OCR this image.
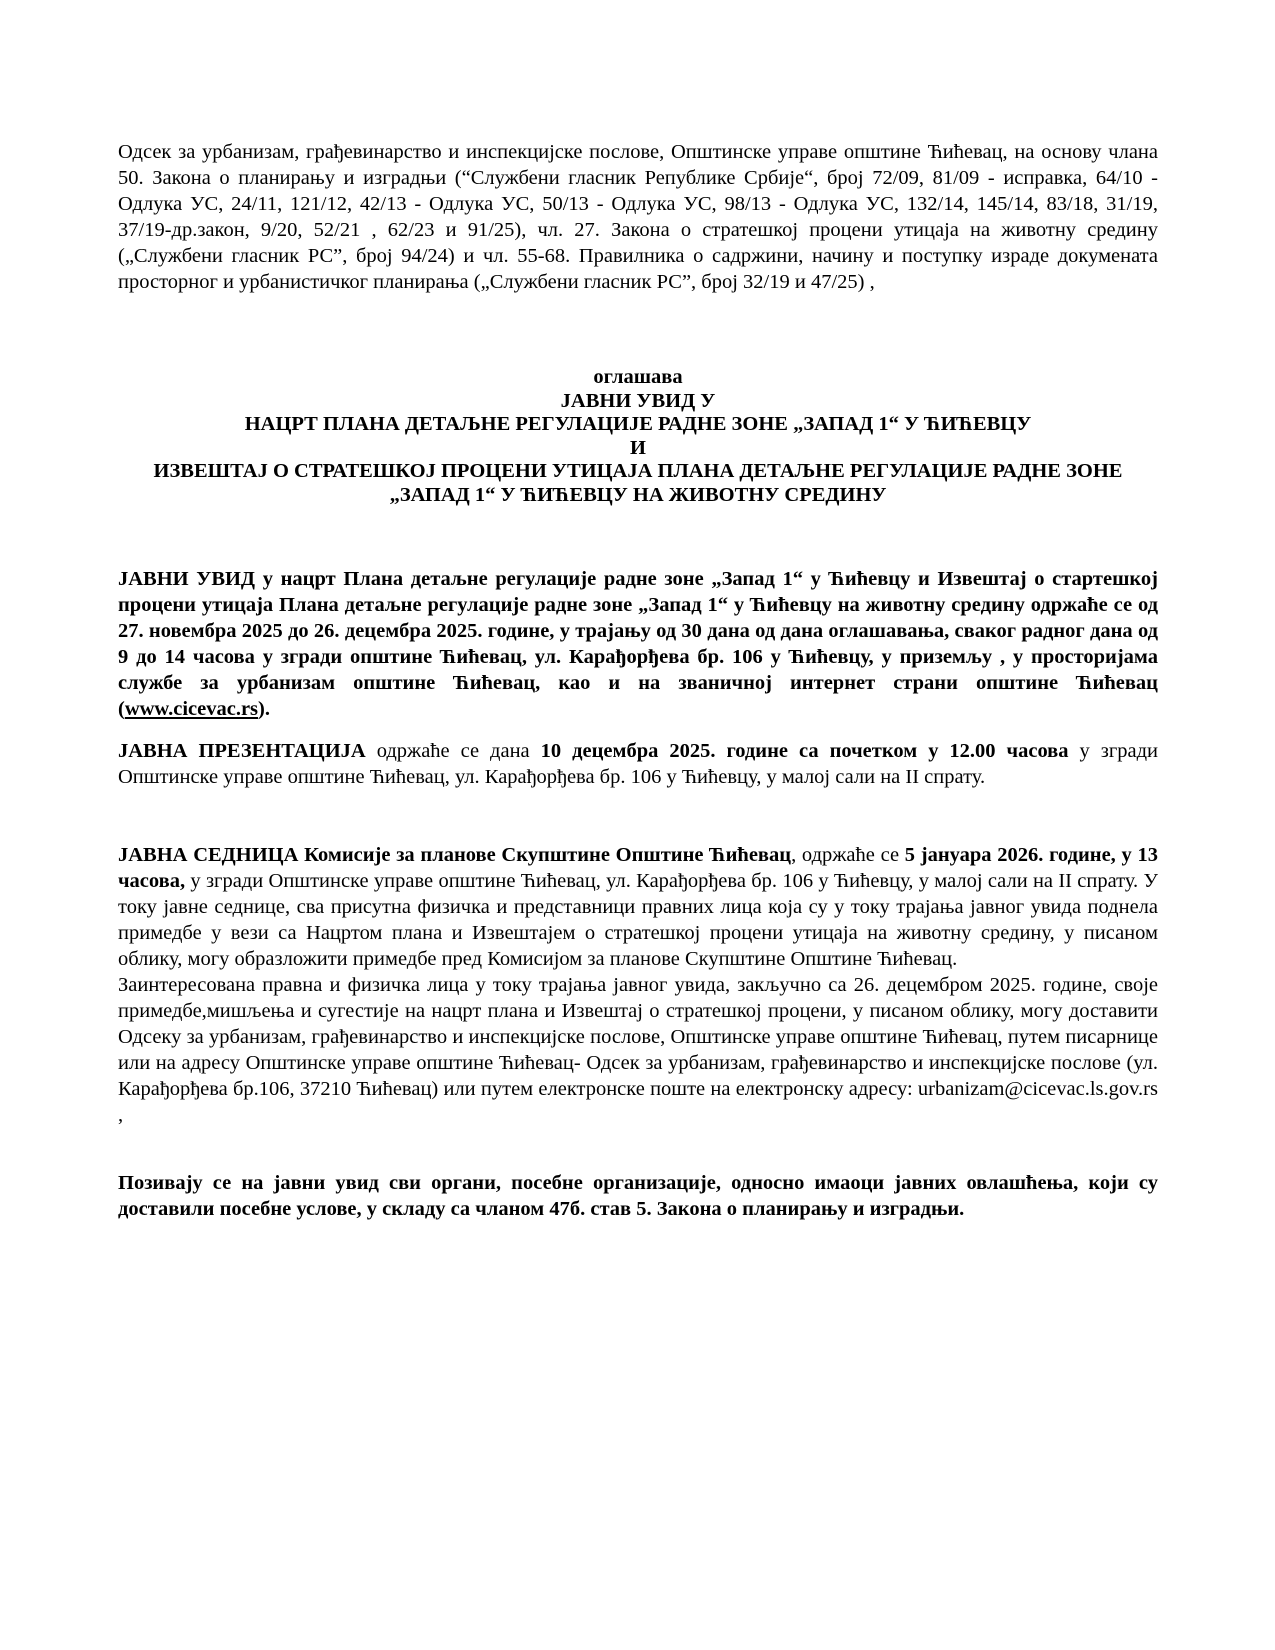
Одсек за урбанизам, грађевинарство и инспекцијске послове, Општинске управе општине Ћићевац, на основу члана 50. Закона о планирању и изградњи (“Службени гласник Републике Србије“, број 72/09, 81/09 - исправка, 64/10 - Одлука УС, 24/11, 121/12, 42/13 - Одлука УС, 50/13 - Одлука УС, 98/13 - Одлука УС, 132/14, 145/14, 83/18, 31/19, 37/19-др.закон, 9/20, 52/21 , 62/23 и 91/25), чл. 27. Закона о стратешкој процени утицаја на животну средину („Службени гласник РС”, број 94/24) и чл. 55-68. Правилника о садржини, начину и поступку израде докумената просторног и урбанистичког планирања („Службени гласник РС”, број 32/19 и 47/25) ,

оглашава
ЈАВНИ УВИД У
НАЦРТ ПЛАНА ДЕТАЉНЕ РЕГУЛАЦИЈЕ РАДНЕ ЗОНЕ „ЗАПАД 1“ У ЋИЋЕВЦУ
И
ИЗВЕШТАЈ О СТРАТЕШКОЈ ПРОЦЕНИ УТИЦАЈА ПЛАНА ДЕТАЉНЕ РЕГУЛАЦИЈЕ РАДНЕ ЗОНЕ „ЗАПАД 1“ У ЋИЋЕВЦУ НА ЖИВОТНУ СРЕДИНУ

ЈАВНИ УВИД у нацрт Плана детаљне регулације радне зоне „Запад 1“ у Ћићевцу и Извештај о стартешкој процени утицаја Плана детаљне регулације радне зоне „Запад 1“ у Ћићевцу на животну средину одржаће се од 27. новембра 2025 до 26. децембра 2025. године, у трајању од 30 дана од дана оглашавања, сваког радног дана од 9 до 14 часова у згради општине Ћићевац, ул. Карађорђева бр. 106 у Ћићевцу, у приземљу , у просторијама службе за урбанизам општине Ћићевац, као и на званичној интернет страни општине Ћићевац (www.cicevac.rs).

ЈАВНА ПРЕЗЕНТАЦИЈА одржаће се дана 10 децембра 2025. године са почетком у 12.00 часова у згради Општинске управе општине Ћићевац, ул. Карађорђева бр. 106 у Ћићевцу, у малој сали на II спрату.

ЈАВНА СЕДНИЦА Комисије за планове Скупштине Општине Ћићевац, одржаће се 5 јануара 2026. године, у 13 часова, у згради Општинске управе општине Ћићевац, ул. Карађорђева бр. 106 у Ћићевцу, у малој сали на II спрату. У току јавне седнице, сва присутна физичка и представници правних лица која су у току трајања јавног увида поднела примедбе у вези са Нацртом плана и Извештајем о стратешкој процени утицаја на животну средину, у писаном облику, могу образложити примедбе пред Комисијом за планове Скупштине Општине Ћићевац.

Заинтересована правна и физичка лица у току трајања јавног увида, закључно са 26. децембром 2025. године, своје примедбе,мишљења и сугестије на нацрт плана и Извештај о стратешкој процени, у писаном облику, могу доставити Одсеку за урбанизам, грађевинарство и инспекцијске послове, Општинске управе општине Ћићевац, путем писарнице или на адресу Општинске управе општине Ћићевац- Одсек за урбанизам, грађевинарство и инспекцијске послове (ул. Карађорђева бр.106, 37210 Ћићевац) или путем електронске поште на електронску адресу: urbanizam@cicevac.ls.gov.rs ,

Позивају се на јавни увид сви органи, посебне организације, односно имаоци јавних овлашћења, који су доставили посебне услове, у складу са чланом 47б. став 5. Закона о планирању и изградњи.
